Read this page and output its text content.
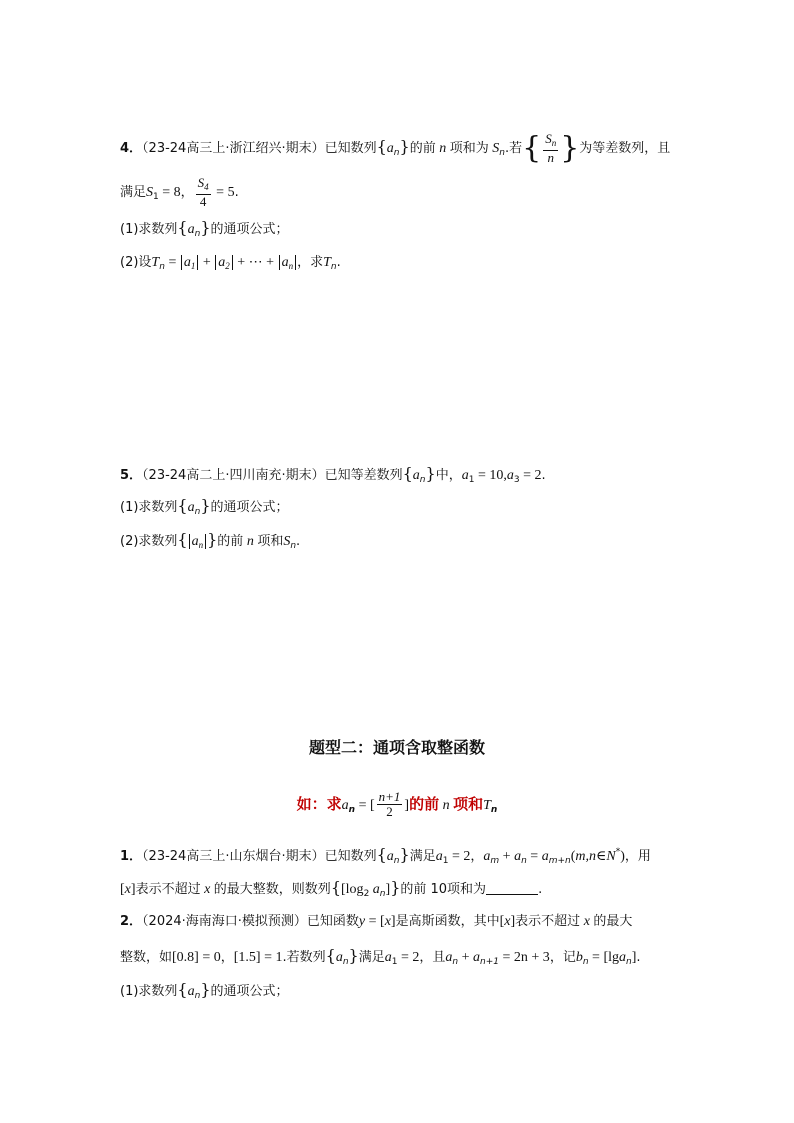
4．（23-24高三上·浙江绍兴·期末）已知数列$\{a_n\}$的前 n 项和为 $S_n$.若{ $\frac{S_n}{n}$ }为等差数列，且
满足$S_1 = 8$， $\frac{S_4}{4} = 5$.
(1)求数列$\{a_n\}$的通项公式；
(2)设$T_n = a_1 + a_2$ + ⋯ + $a_n$ ，求$T_n$.
5．（23-24高二上·四川南充·期末）已知等差数列$\{a_n\}$中，$a_1 = 10,a_3 = 2$.
(1)求数列$\{a_n\}$的通项公式；
(2)求数列{ $a_n$ }的前 n 项和$S_n$.
题型二：通项含取整函数
如：求$a_n$ = [ $\frac{n+1}{2}$ ]的前 n 项和$T_n$
1．（23-24高三上·山东烟台·期末）已知数列$\{a_n\}$满足$a_1 = 2$，$a_m + a_n$ = $a_{m+n}(m,n\in N^*)$，用
[x]表示不超过 x 的最大整数，则数列{[$\log_2$ $a_n$]}的前 10项和为	.
2．（2024·海南海口·模拟预测）已知函数y = [x]是高斯函数，其中[x]表示不超过 x 的最大
整数，如[0.8] = 0，[1.5] = 1.若数列$\{a_n\}$满足$a_1 = 2$，且$a_n + a_{n+1} = 2n + 3$，记$b_n = [\lg a_n]$.
(1)求数列$\{a_n\}$的通项公式；
